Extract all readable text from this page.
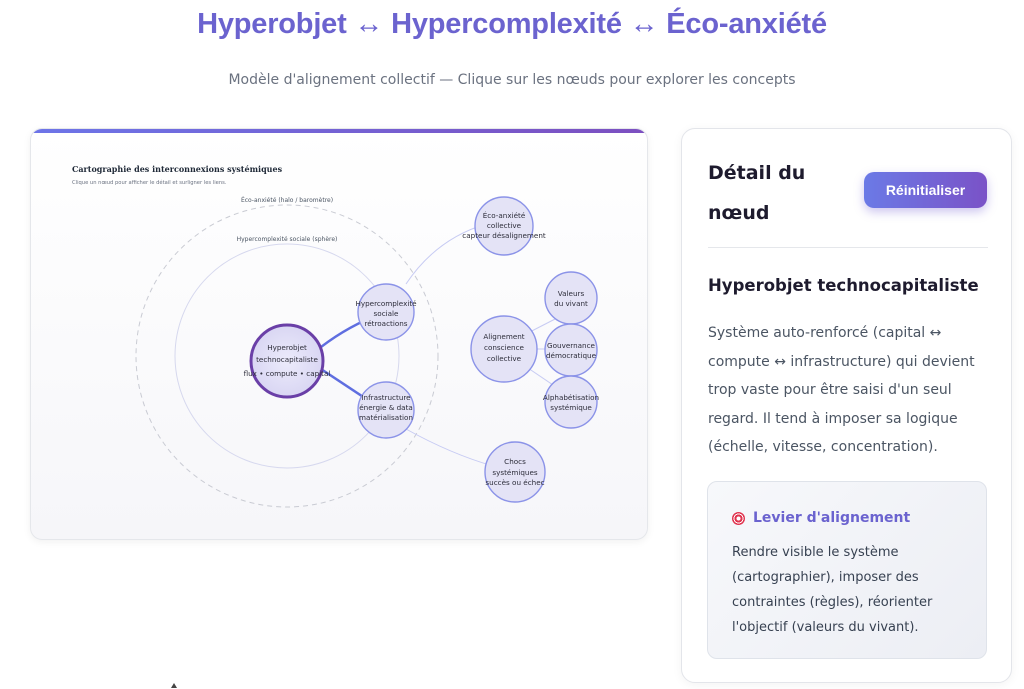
Hyperobjet ↔ Hypercomplexité ↔ Éco-anxiété
Modèle d'alignement collectif — Clique sur les nœuds pour explorer les concepts
Cartographie des interconnexions systémiques
Clique un nœud pour afficher le détail et surligner les liens.
Éco-anxiété (halo / baromètre)
Hypercomplexité sociale (sphère)
Éco-anxiété
collective
capteur désalignement
Hypercomplexité
sociale
rétroactions
Hyperobjet
technocapitaliste
flux • compute • capital
Infrastructure
énergie & data
matérialisation
Alignement
conscience
collective
Valeurs
du vivant
Gouvernance
démocratique
Alphabétisation
systémique
Chocs
systémiques
succès ou échec
Détail du nœud
Réinitialiser
Hyperobjet technocapitaliste
Système auto-renforcé (capital ↔ compute ↔ infrastructure) qui devient trop vaste pour être saisi d'un seul regard. Il tend à imposer sa logique (échelle, vitesse, concentration).
Levier d'alignement
Rendre visible le système (cartographier), imposer des contraintes (règles), réorienter l'objectif (valeurs du vivant).
